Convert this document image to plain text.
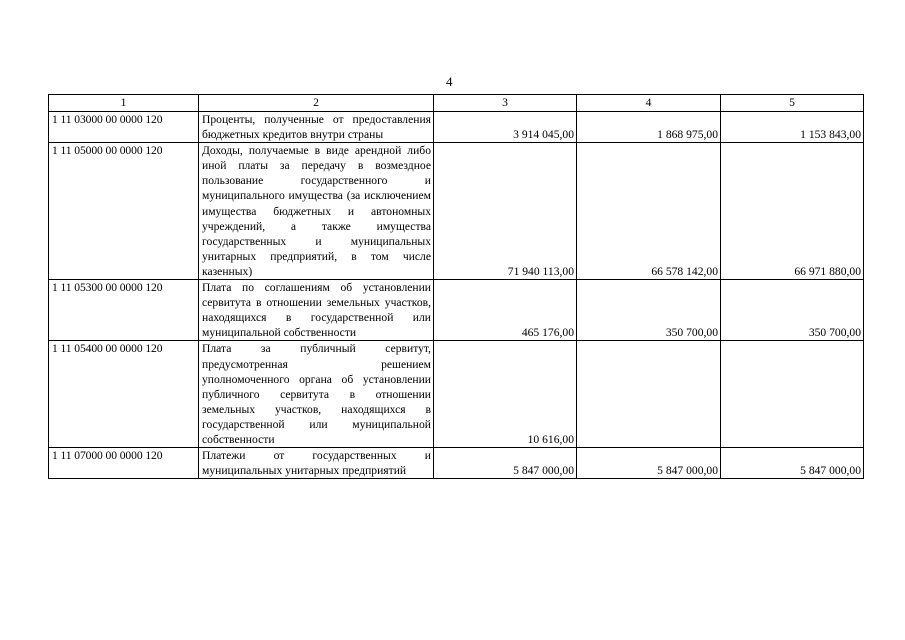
4
1	2	3	4	5
1 11 03000 00 0000 120	Проценты, полученные от предоставления бюджетных кредитов внутри страны	3 914 045,00	1 868 975,00	1 153 843,00
1 11 05000 00 0000 120	Доходы, получаемые в виде арендной либо иной платы за передачу в возмездное пользование государственного и муниципального имущества (за исключением имущества бюджетных и автономных учреждений, а также имущества государственных и муниципальных унитарных предприятий, в том числе казенных)	71 940 113,00	66 578 142,00	66 971 880,00
1 11 05300 00 0000 120	Плата по соглашениям об установлении сервитута в отношении земельных участков, находящихся в государственной или муниципальной собственности	465 176,00	350 700,00	350 700,00
1 11 05400 00 0000 120	Плата за публичный сервитут, предусмотренная решением уполномоченного органа об установлении публичного сервитута в отношении земельных участков, находящихся в государственной или муниципальной собственности	10 616,00		
1 11 07000 00 0000 120	Платежи от государственных и муниципальных унитарных предприятий	5 847 000,00	5 847 000,00	5 847 000,00
